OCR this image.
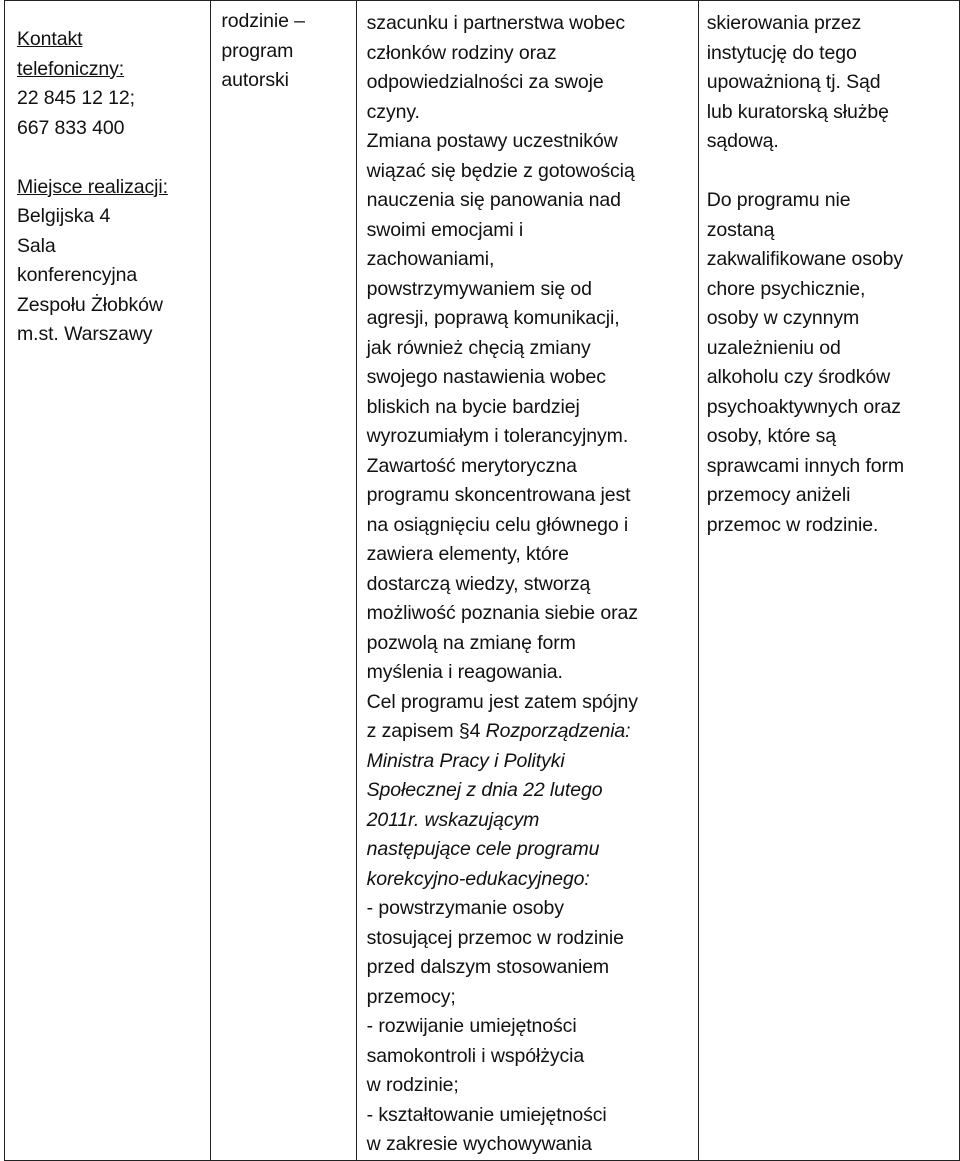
Kontakt
telefoniczny:
22 845 12 12;
667 833 400
Miejsce realizacji:
Belgijska 4
Sala
konferencyjna
Zespołu Żłobków
m.st. Warszawy

rodzinie –
program
autorski

szacunku i partnerstwa wobec
członków rodziny oraz
odpowiedzialności za swoje
czyny.
Zmiana postawy uczestników
wiązać się będzie z gotowością
nauczenia się panowania nad
swoimi emocjami i
zachowaniami,
powstrzymywaniem się od
agresji, poprawą komunikacji,
jak również chęcią zmiany
swojego nastawienia wobec
bliskich na bycie bardziej
wyrozumiałym i tolerancyjnym.
Zawartość merytoryczna
programu skoncentrowana jest
na osiągnięciu celu głównego i
zawiera elementy, które
dostarczą wiedzy, stworzą
możliwość poznania siebie oraz
pozwolą na zmianę form
myślenia i reagowania.
Cel programu jest zatem spójny
z zapisem §4 Rozporządzenia:
Ministra Pracy i Polityki
Społecznej z dnia 22 lutego
2011r. wskazującym
następujące cele programu
korekcyjno-edukacyjnego:
- powstrzymanie osoby
stosującej przemoc w rodzinie
przed dalszym stosowaniem
przemocy;
- rozwijanie umiejętności
samokontroli i współżycia
w rodzinie;
- kształtowanie umiejętności
w zakresie wychowywania

skierowania przez
instytucję do tego
upoważnioną tj. Sąd
lub kuratorską służbę
sądową.
Do programu nie
zostaną
zakwalifikowane osoby
chore psychicznie,
osoby w czynnym
uzależnieniu od
alkoholu czy środków
psychoaktywnych oraz
osoby, które są
sprawcami innych form
przemocy aniżeli
przemoc w rodzinie.
